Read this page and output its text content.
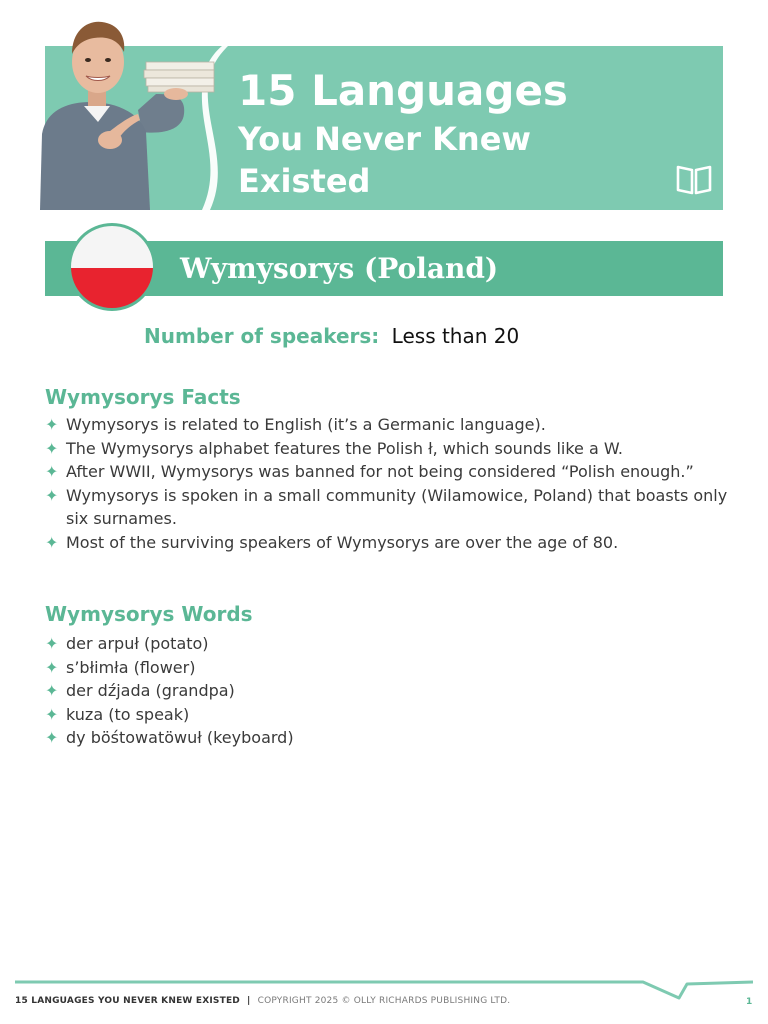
15 Languages
You Never Knew
Existed
Wymysorys (Poland)
Number of speakers: Less than 20
Wymysorys Facts
✦ Wymysorys is related to English (it’s a Germanic language).
✦ The Wymysorys alphabet features the Polish ł, which sounds like a W.
✦ After WWII, Wymysorys was banned for not being considered “Polish enough.”
✦ Wymysorys is spoken in a small community (Wilamowice, Poland) that boasts only six surnames.
✦ Most of the surviving speakers of Wymysorys are over the age of 80.
Wymysorys Words
✦ der arpuł (potato)
✦ s’błimła (flower)
✦ der dźjada (grandpa)
✦ kuza (to speak)
✦ dy böśtowatöwuł (keyboard)
15 LANGUAGES YOU NEVER KNEW EXISTED | COPYRIGHT 2025 © OLLY RICHARDS PUBLISHING LTD.	1
